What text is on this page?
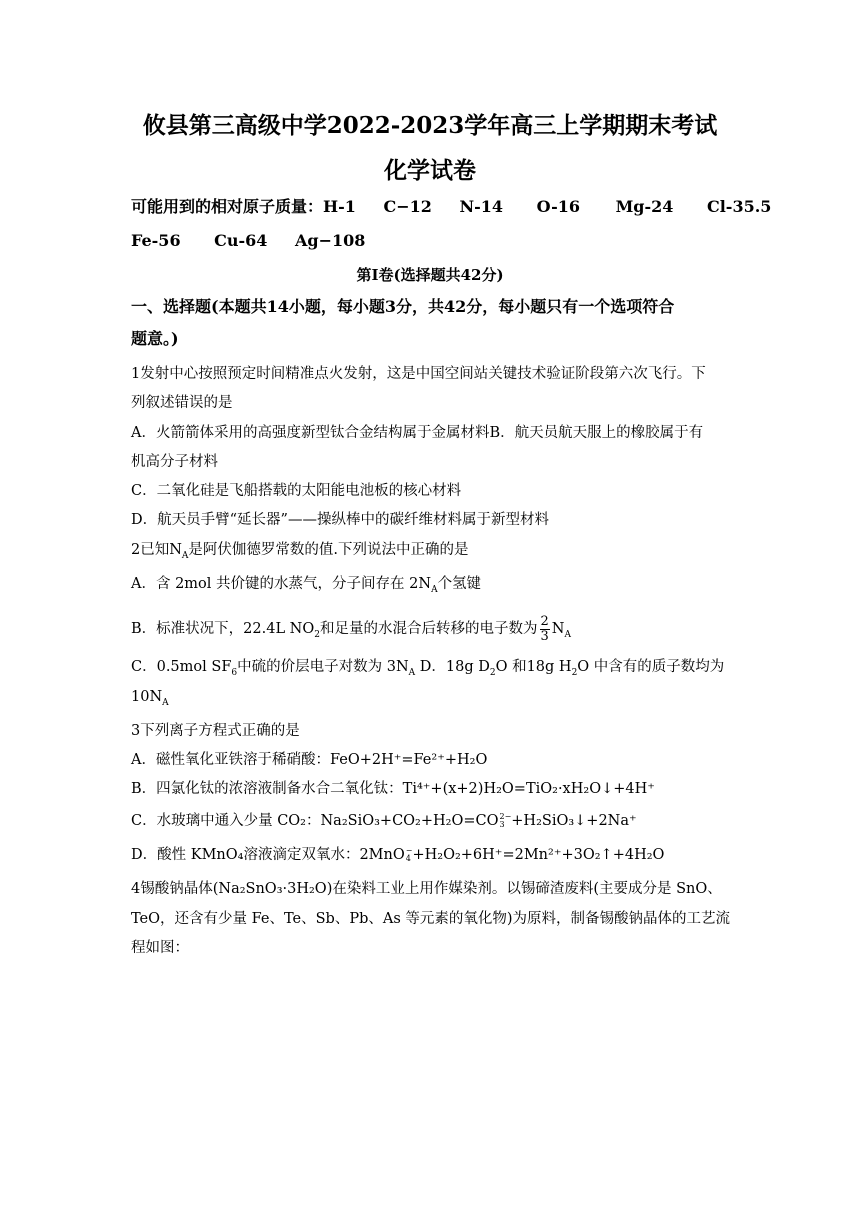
攸县第三高级中学2022-2023学年高三上学期期末考试
化学试卷
可能用到的相对原子质量：H-1 C−12 N-14 O-16 Mg-24 Cl-35.5
Fe-56 Cu-64 Ag−108
第Ⅰ卷(选择题共42分)
一、选择题(本题共14小题，每小题3分，共42分，每小题只有一个选项符合
题意。)
1发射中心按照预定时间精准点火发射，这是中国空间站关键技术验证阶段第六次飞行。下
列叙述错误的是
A．火箭箭体采用的高强度新型钛合金结构属于金属材料B．航天员航天服上的橡胶属于有
机高分子材料
C．二氧化硅是飞船搭载的太阳能电池板的核心材料
D．航天员手臂“延长器”——操纵棒中的碳纤维材料属于新型材料
2已知$N_A$是阿伏伽德罗常数的值.下列说法中正确的是
A．含 2mol 共价键的水蒸气，分子间存在 $2N_A$个氢键
B．标准状况下，22.4L $NO_2$和足量的水混合后转移的电子数为 $\frac{2}{3} N_A$
C．0.5mol $SF_6$中硫的价层电子对数为 $3N_A$ D．18g $D_2O$ 和18g $H_2O$ 中含有的质子数均为
$10N_A$
3下列离子方程式正确的是
A．磁性氧化亚铁溶于稀硝酸：FeO+2H⁺=Fe²⁺+H₂O
B．四氯化钛的浓溶液制备水合二氧化钛：Ti⁴⁺+(x+2)H₂O=TiO₂·xH₂O↓+4H⁺
C．水玻璃中通入少量 CO₂：Na₂SiO₃+CO₂+H₂O=CO 2−
3 +H₂SiO₃↓+2Na⁺
D．酸性 KMnO₄溶液滴定双氧水：2MnO −
4 +H₂O₂+6H⁺=2Mn²⁺+3O₂↑+4H₂O
4锡酸钠晶体(Na₂SnO₃·3H₂O)在染料工业上用作媒染剂。以锡碲渣废料(主要成分是 SnO、
TeO，还含有少量 Fe、Te、Sb、Pb、As 等元素的氧化物)为原料，制备锡酸钠晶体的工艺流
程如图：
